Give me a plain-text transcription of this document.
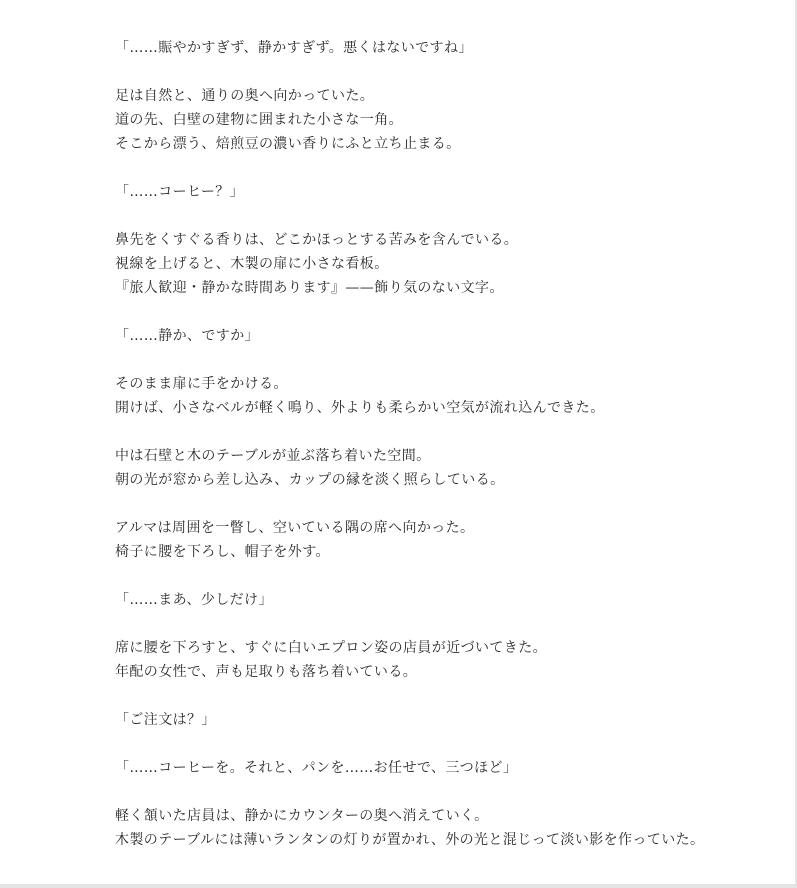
「……賑やかすぎず、静かすぎず。悪くはないですね」
足は自然と、通りの奥へ向かっていた。
道の先、白壁の建物に囲まれた小さな一角。
そこから漂う、焙煎豆の濃い香りにふと立ち止まる。
「……コーヒー？」
鼻先をくすぐる香りは、どこかほっとする苦みを含んでいる。
視線を上げると、木製の扉に小さな看板。
『旅人歓迎・静かな時間あります』——飾り気のない文字。
「……静か、ですか」
そのまま扉に手をかける。
開けば、小さなベルが軽く鳴り、外よりも柔らかい空気が流れ込んできた。
中は石壁と木のテーブルが並ぶ落ち着いた空間。
朝の光が窓から差し込み、カップの縁を淡く照らしている。
アルマは周囲を一瞥し、空いている隅の席へ向かった。
椅子に腰を下ろし、帽子を外す。
「……まあ、少しだけ」
席に腰を下ろすと、すぐに白いエプロン姿の店員が近づいてきた。
年配の女性で、声も足取りも落ち着いている。
「ご注文は？」
「……コーヒーを。それと、パンを……お任せで、三つほど」
軽く頷いた店員は、静かにカウンターの奥へ消えていく。
木製のテーブルには薄いランタンの灯りが置かれ、外の光と混じって淡い影を作っていた。
